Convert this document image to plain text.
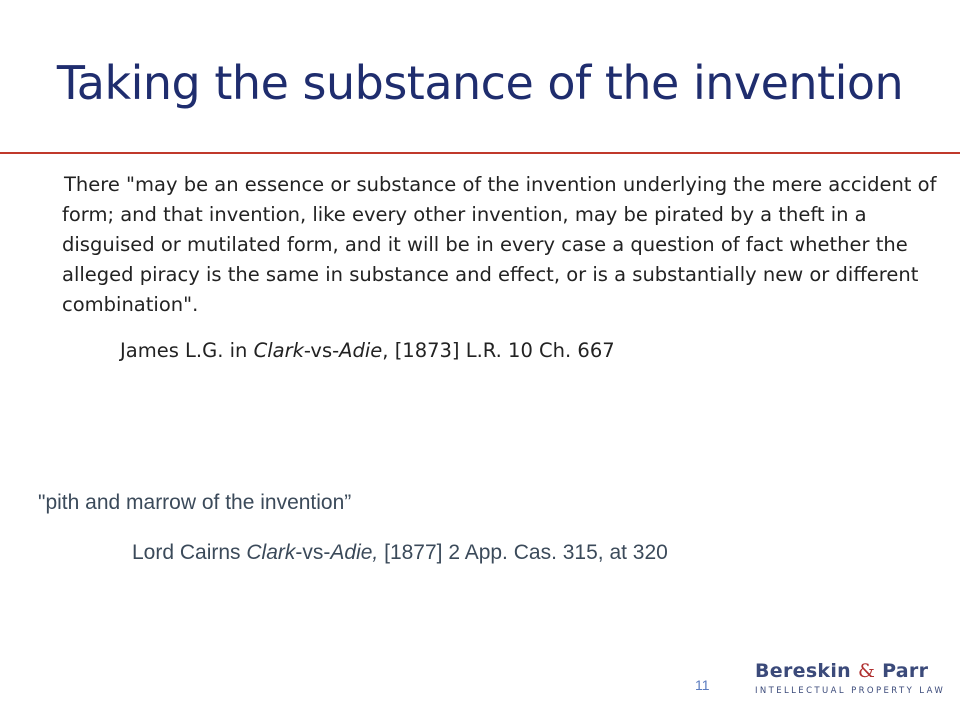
Taking the substance of the invention
There "may be an essence or substance of the invention underlying the mere accident of form; and that invention, like every other invention, may be pirated by a theft in a disguised or mutilated form, and it will be in every case a question of fact whether the alleged piracy is the same in substance and effect, or is a substantially new or different combination".
James L.G. in Clark-vs-Adie, [1873] L.R. 10 Ch. 667
"pith and marrow of the invention”
Lord Cairns Clark-vs-Adie, [1877] 2 App. Cas. 315, at 320
11
Bereskin & Parr
INTELLECTUAL PROPERTY LAW
